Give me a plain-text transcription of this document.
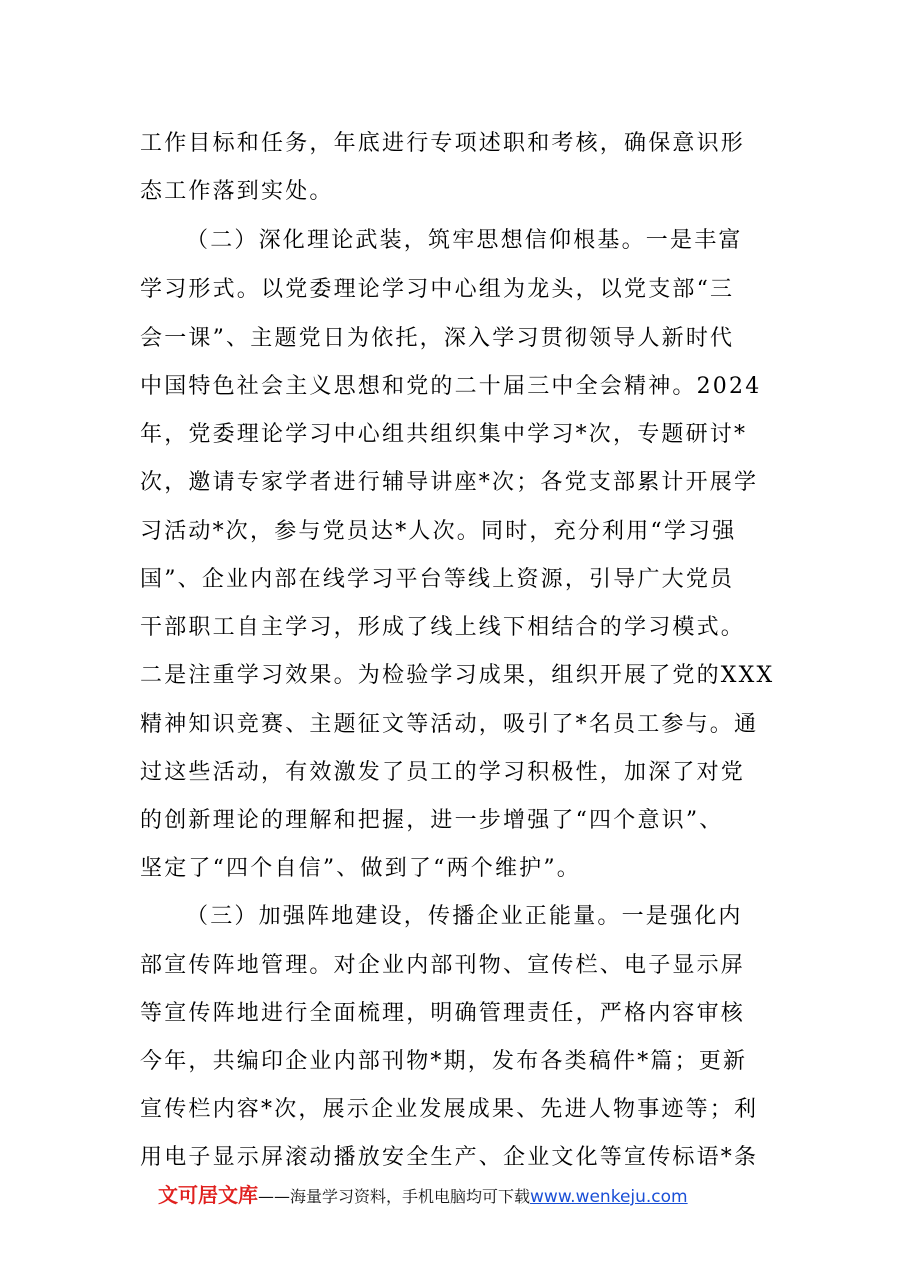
工作目标和任务，年底进行专项述职和考核，确保意识形
态工作落到实处。
（二）深化理论武装，筑牢思想信仰根基。一是丰富
学习形式。以党委理论学习中心组为龙头，以党支部“三
会一课”、主题党日为依托，深入学习贯彻领导人新时代
中国特色社会主义思想和党的二十届三中全会精神。2024
年，党委理论学习中心组共组织集中学习*次，专题研讨*
次，邀请专家学者进行辅导讲座*次；各党支部累计开展学
习活动*次，参与党员达*人次。同时，充分利用“学习强
国”、企业内部在线学习平台等线上资源，引导广大党员
干部职工自主学习，形成了线上线下相结合的学习模式。
二是注重学习效果。为检验学习成果，组织开展了党的XXX
精神知识竞赛、主题征文等活动，吸引了*名员工参与。通
过这些活动，有效激发了员工的学习积极性，加深了对党
的创新理论的理解和把握，进一步增强了“四个意识”、
坚定了“四个自信”、做到了“两个维护”。
（三）加强阵地建设，传播企业正能量。一是强化内
部宣传阵地管理。对企业内部刊物、宣传栏、电子显示屏
等宣传阵地进行全面梳理，明确管理责任，严格内容审核
今年，共编印企业内部刊物*期，发布各类稿件*篇；更新
宣传栏内容*次，展示企业发展成果、先进人物事迹等；利
用电子显示屏滚动播放安全生产、企业文化等宣传标语*条
文可居文库——海量学习资料，手机电脑均可下载www.wenkeju.com
